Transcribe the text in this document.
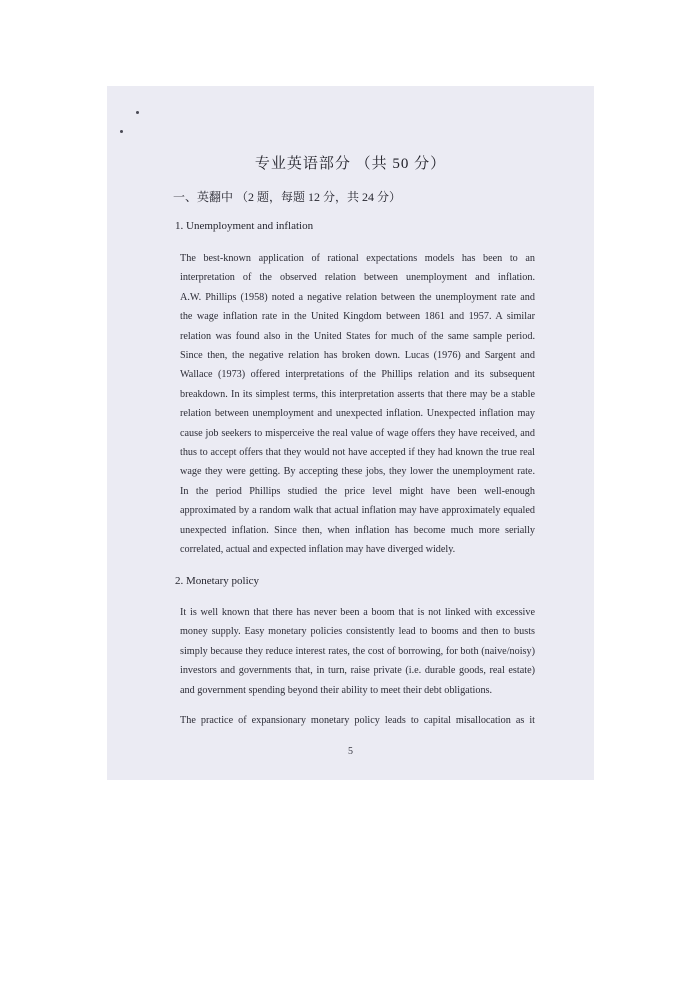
专业英语部分 （共 50 分）
一、英翻中 （2 题，每题 12 分，共 24 分）
1. Unemployment and inflation
The best-known application of rational expectations models has been to an
interpretation of the observed relation between unemployment and inflation.
A.W. Phillips (1958) noted a negative relation between the unemployment rate and
the wage inflation rate in the United Kingdom between 1861 and 1957. A similar
relation was found also in the United States for much of the same sample period.
Since then, the negative relation has broken down. Lucas (1976) and Sargent and
Wallace (1973) offered interpretations of the Phillips relation and its subsequent
breakdown. In its simplest terms, this interpretation asserts that there may be a stable
relation between unemployment and unexpected inflation. Unexpected inflation may
cause job seekers to misperceive the real value of wage offers they have received, and
thus to accept offers that they would not have accepted if they had known the true real
wage they were getting. By accepting these jobs, they lower the unemployment rate.
In the period Phillips studied the price level might have been well-enough
approximated by a random walk that actual inflation may have approximately equaled
unexpected inflation. Since then, when inflation has become much more serially
correlated, actual and expected inflation may have diverged widely.
2. Monetary policy
It is well known that there has never been a boom that is not linked with excessive
money supply. Easy monetary policies consistently lead to booms and then to busts
simply because they reduce interest rates, the cost of borrowing, for both (naive/noisy)
investors and governments that, in turn, raise private (i.e. durable goods, real estate)
and government spending beyond their ability to meet their debt obligations.
The practice of expansionary monetary policy leads to capital misallocation as it
5
